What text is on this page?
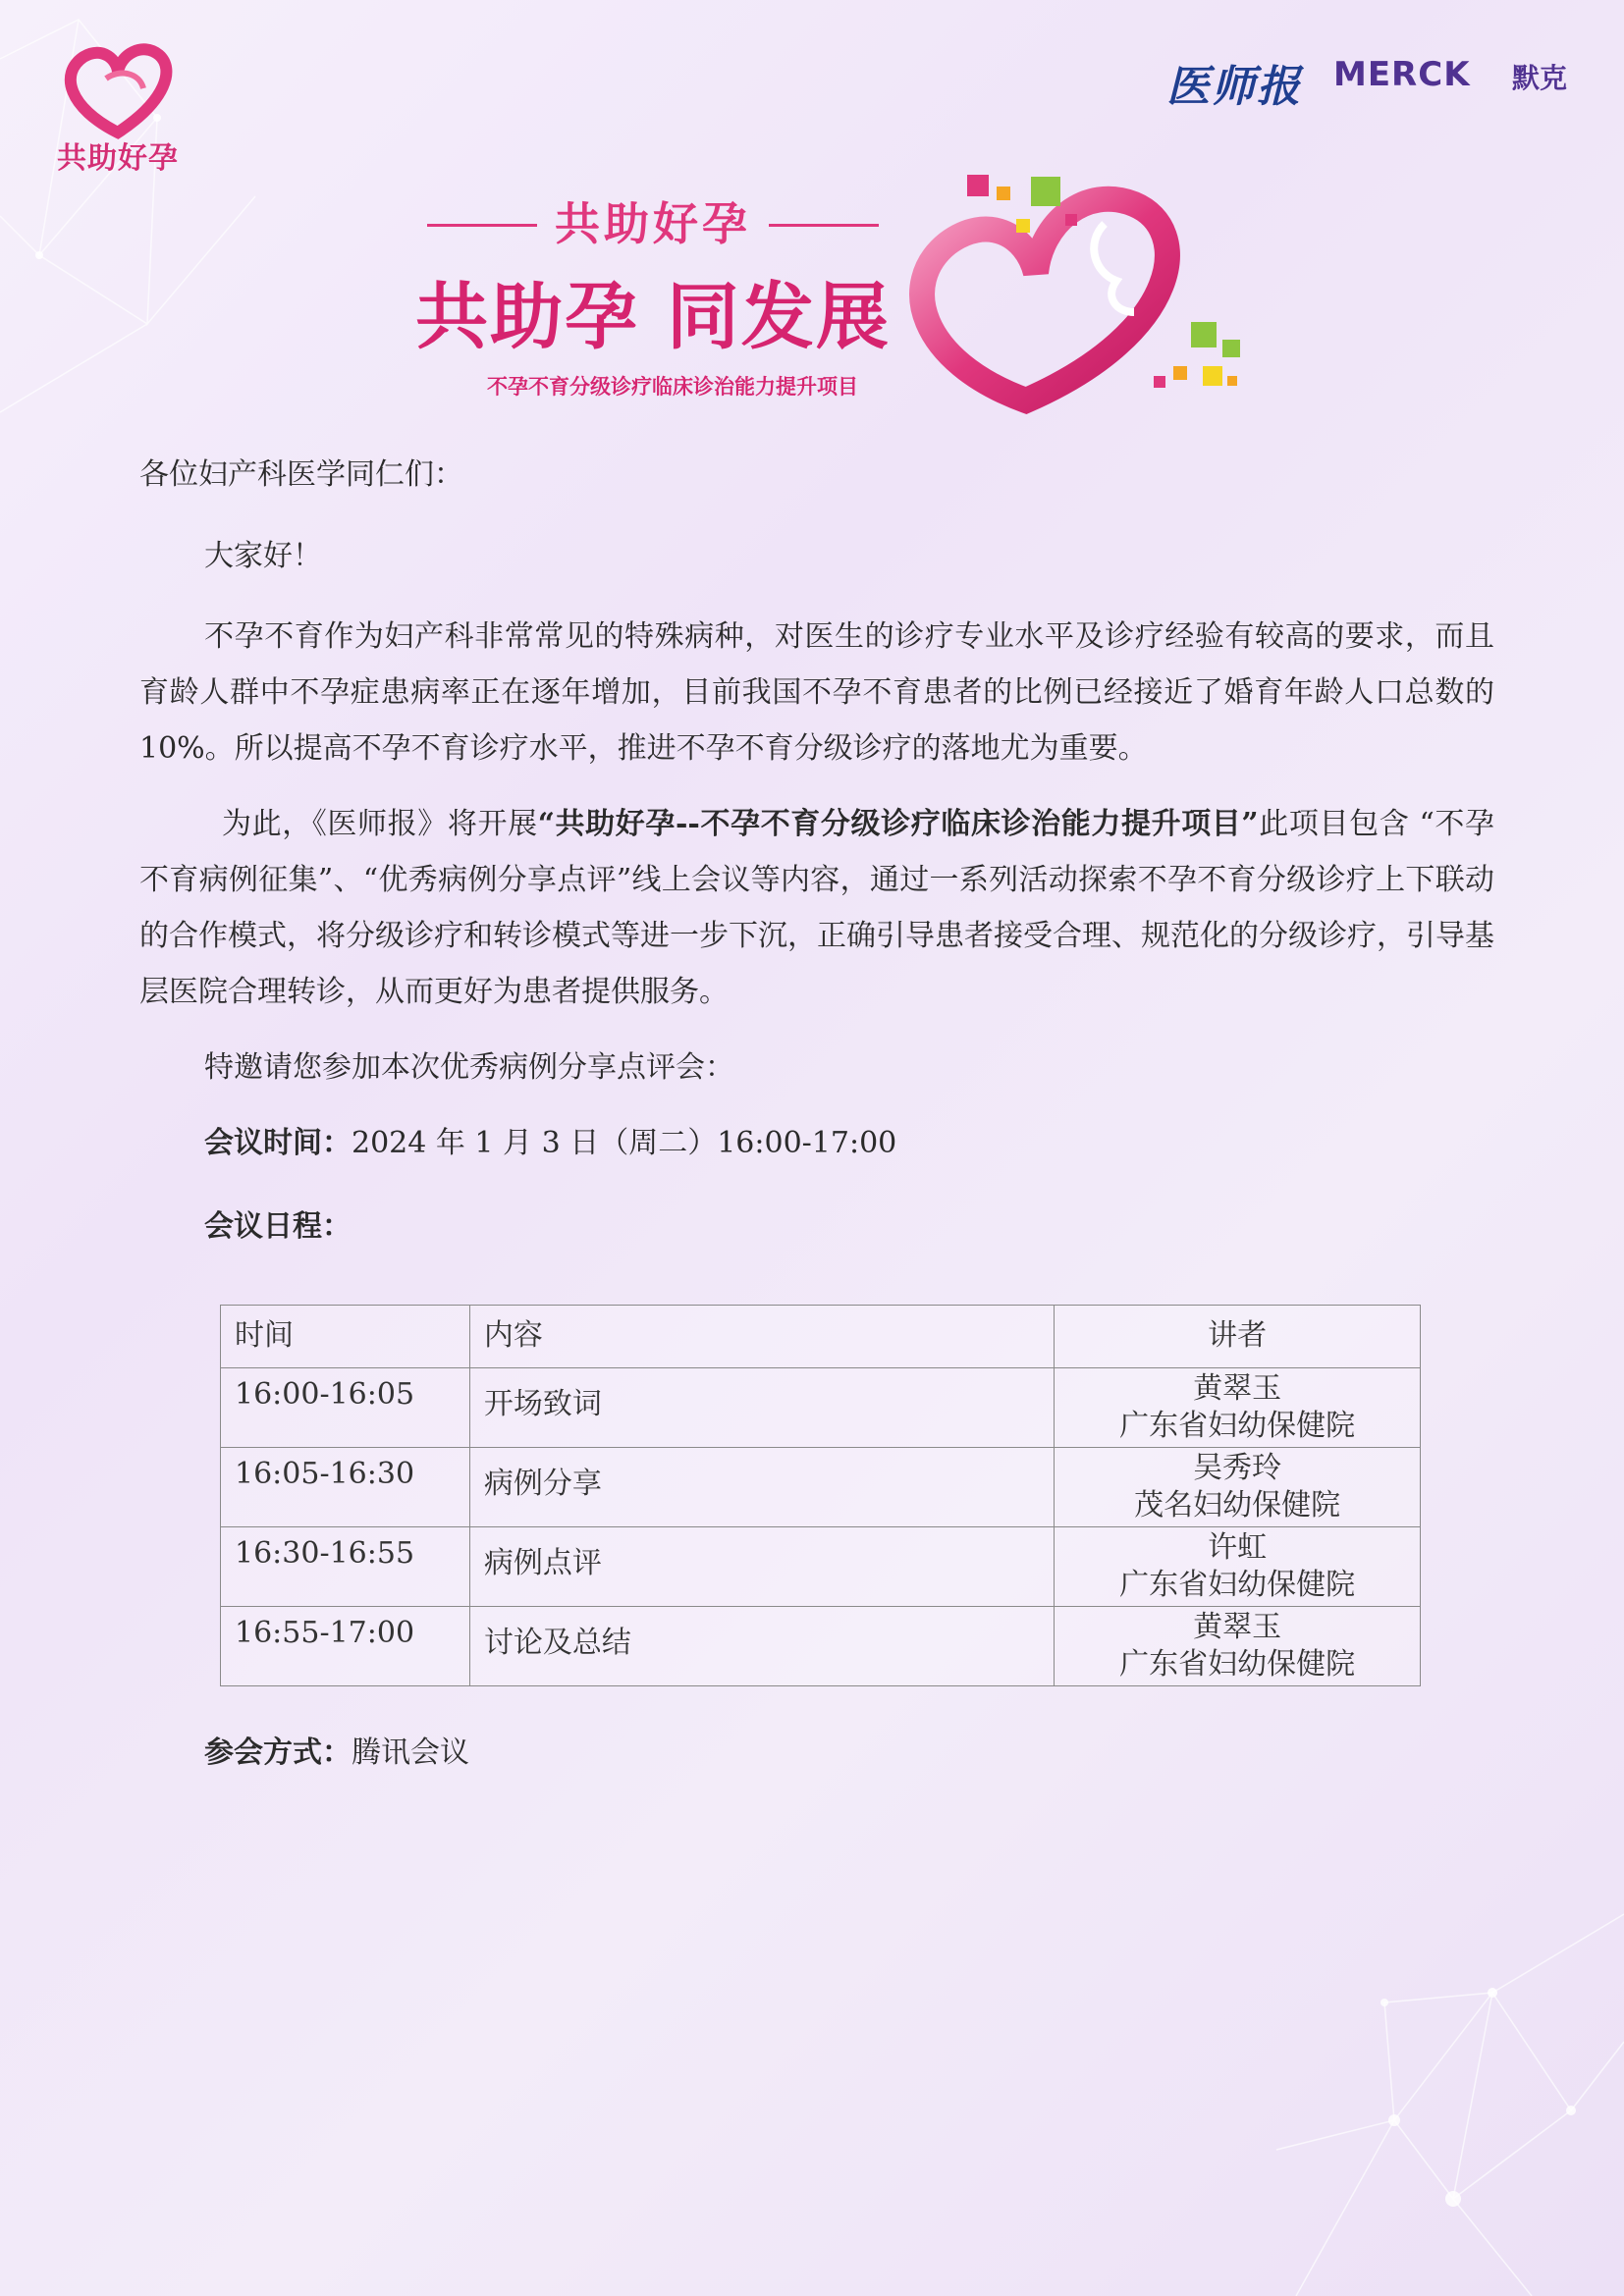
共助好孕
医师报 MERCK 默克
共助好孕
共助孕 同发展
不孕不育分级诊疗临床诊治能力提升项目

各位妇产科医学同仁们：

大家好！

不孕不育作为妇产科非常常见的特殊病种，对医生的诊疗专业水平及诊疗经验有较高的要求，而且育龄人群中不孕症患病率正在逐年增加，目前我国不孕不育患者的比例已经接近了婚育年龄人口总数的10%。所以提高不孕不育诊疗水平，推进不孕不育分级诊疗的落地尤为重要。

为此，《医师报》将开展“共助好孕--不孕不育分级诊疗临床诊治能力提升项目”此项目包含 “不孕不育病例征集”、“优秀病例分享点评”线上会议等内容，通过一系列活动探索不孕不育分级诊疗上下联动的合作模式，将分级诊疗和转诊模式等进一步下沉，正确引导患者接受合理、规范化的分级诊疗，引导基层医院合理转诊，从而更好为患者提供服务。

特邀请您参加本次优秀病例分享点评会：

会议时间：2024 年 1 月 3 日（周二）16:00-17:00

会议日程：

时间	内容	讲者
16:00-16:05	开场致词	黄翠玉
广东省妇幼保健院

16:05-16:30	病例分享	吴秀玲
茂名妇幼保健院

16:30-16:55	病例点评	许虹
广东省妇幼保健院

16:55-17:00	讨论及总结	黄翠玉
广东省妇幼保健院
参会方式：腾讯会议
